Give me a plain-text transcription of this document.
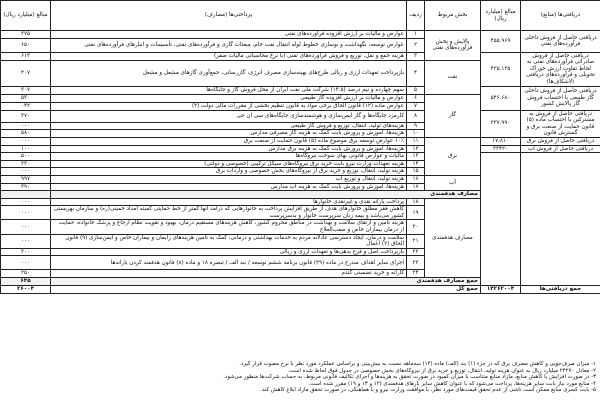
دریافتی‌ها (منابع)	مبالغ (میلیارد ریال)	بخش مربوط	ردیف	پرداختی‌ها (مصارف)	مبالغ (میلیارد ریال)
دریافتی حاصل از فروش داخلی فرآورده‌های نفتی	۴۵۵.۹۶۹	پالایش و پخش فرآورده‌های نفتی	۱	عوارض و مالیات بر ارزش افزوده فرآورده‌های نفتی	۳۷۵
			۲	عوارض توسعه، نگهداشت و نوسازی خطوط لوله انتقال نفت خام، مبعثات گازی و فرآورده‌های نفتی، تأسیسات و انبارهای فرآورده‌های نفتی	۶۵۰
دریافتی حاصل از فروش صادراتی فرآورده‌های نفتی به لحاظ تفاوت ارزش خوراک تحویلی و فرآورده‌های دریافتی (لاشکاف‌ها)	۴۳۵.۱۳۵		۳	هزینه جمع و نقل، توزیع و فروش فرآورده‌های نفتی (با نرخ محاسباتی مالیات صفر)	۶۱۳
		نفت	۴	بازپرداخت تعهدات ارزی و ریالی طرح‌های بهینه‌سازی مصرف انرژی، گازرسانی، جمع‌آوری گازهای مشعل و مشعل	۴۰۷
دریافتی حاصل از فروش داخلی گاز طبیعی با احتساب فروش گاز پالایش کشور	۵۴۶.۶۸۰		۵	سهم چهارده و نیم درصد (۱۴.۵) شرکت ملی نفت ایران از محل فروش گاز و جایگاه‌ها	۳۰۷
		گاز	۶	عوارض و مالیات بر ارزش افزوده گاز طبیعی	۵۳۰
			۷	عوارض ماده (۱۲) قانون الحاق برخی مواد به قانون تنظیم بخشی از مقررات مالی دولت (۲)	۰۴۲
دریافتی حاصل از فروش به مشترکین با احتساب ماده (۵) قانون حمایت از صنعت برق و گسترش قانون	۳۳۷.۹۹۰		۸	کارمزد جایگاه‌ها و گاز ایمن‌سازی و هوشمندسازی جایگاه‌های سی ان جی	۳۷۰
			۹	هزینه‌های تولید، انتقال، توزیع و فروش گاز طبیعی	۰۰۰
			۱۰	هزینه‌ها، آموزش و پرورش بابت کمک به هزینه گاز مصرفی مدارس	۵۸۰
دریافتی حاصل از فروش برق	۱۷.۸۱۰	برق	۱۱	۱۰٪ عوارض توسعه برق موضوع ماده (۵) قانون حمایت از صنعت برق	۰۰۰
دریافتی حاصل از فروش آب	۳۳۴۲۰		۱۲	هزینه‌ها، آموزش و پرورش بابت کمک به هزینه برق مدارس	۱۰۰
			۱۳	مالیات و عوارض قانونی بهای سوخت نیروگاه‌ها	۵۰۰
			۱۴	هزینه تعهدات وزارت نیرو بابت خرید برق نیروگاه‌های سیکل ترکیبی (خصوصی و دولتی)	۳۳۰
			۱۵	هزینه تولید، انتقال، توزیع و خرید برق از نیروگاه‌های بخش خصوصی و واردات برق	۰۰۰
		آب	۱۶	هزینه تولید، انتقال و توزیع آب	۹۹۷
			۱۷	هزینه‌ها، آموزش و پرورش بابت کمک به هزینه آب مدارس	۳۹۰
		مصارف هدفمندی			
		مصارف هدفمندی	۱۸	پرداخت یارانه نقدی و غیرنقدی خانوارها	۰۰۰
			۱۹	کاهش فقر مطلق خانوارهای هدف از طریق افزایش پرداخت به خانوارهایی که درآمد آنها کمتر از خط حمایتی کمیته امداد خمینی(ره) و سازمان بهزیستی کشور می‌باشد و بیمه زنان سرپرست خانوار و بدسرپرست	۰۰۰
			۲۰	هزینه تأمین و ارتقای سلامت و بهداشت در مناطق محروم کشور، کاهش هزینه‌های مستقیم درمان، بهبود و تقویت نظام ارجاع و پزشک خانواده، حمایت از درمان بیماران خاص و صعب‌العلاج	۰۰۰
			۲۱	سلامت و درمان، ایجاد دسترسی عادلانه مردم به خدمات بهداشتی و درمانی، کمک به تأمین هزینه‌های زایمان و بیماران خاص و ایمن‌سازی (۹) قانون الحاق (۲) اعمال	۰۰۰
			۲۲	بازپرداخت اصل و فرع بدهی‌ها و تعهدات ارزی و ریالی	۳۰۰
			۲۳	اجرای سایر اهداف مندرج در ماده (۳۹) قانون برنامه ششم توسعه / بند الف / تبصره ۱۸ و ماده (۸) قانون هدفمند کردن یارانه‌ها	۰۰۰
			۲۴	کارانه و خرید تضمینی گندم	۲۵۰
		جمع مصارف هدفمندی			۶۴۵
جمع دریافتی‌ها	۱۴۲۶۲۰۰۴	جمع کل			۲۶۰۰۴
۱- میزان صرف‌جویی و کاهش مصرف برق که در جزء (۱) بند (الف) ماده (۱۴) سه‌ماهه نسبت به بیش‌بینی و براساس عملکرد مورد نظر با نرخ مصوب قرار گیرد.
۲- معادل ۲۳۲۷۰ میلیارد ریال به عنوان هزینه تولید، انتقال، توزیع و خرید برق از نیروگاه‌های بخش خصوصی در جدول فوق لحاظ شده است.
۳- در صورت افزایش یا کاهش منابع، مازاد منابع متناسب با میزان کمبود در صورت تحقق به هزینه‌ها و اجرای تکالیف قانونی مربوط، به حساب شرکت‌ها منظور می‌شود.
۴- منابع مورد نیاز بابت سایر هزینه‌ها، پرداخت می‌شود که با عنوان کاهش سایر بارهای هدفمندی (۱۲ و ۱۳ و ۱۹) مقرر شده است.
۵- بابت کسری منابع ممکن است ناشی از عدم تحقق قیمت‌های مورد نظر، با موافقت وزارت نیرو و با هماهنگی، در صورت تحقق مازاد ابلاغ کاهش کند.
